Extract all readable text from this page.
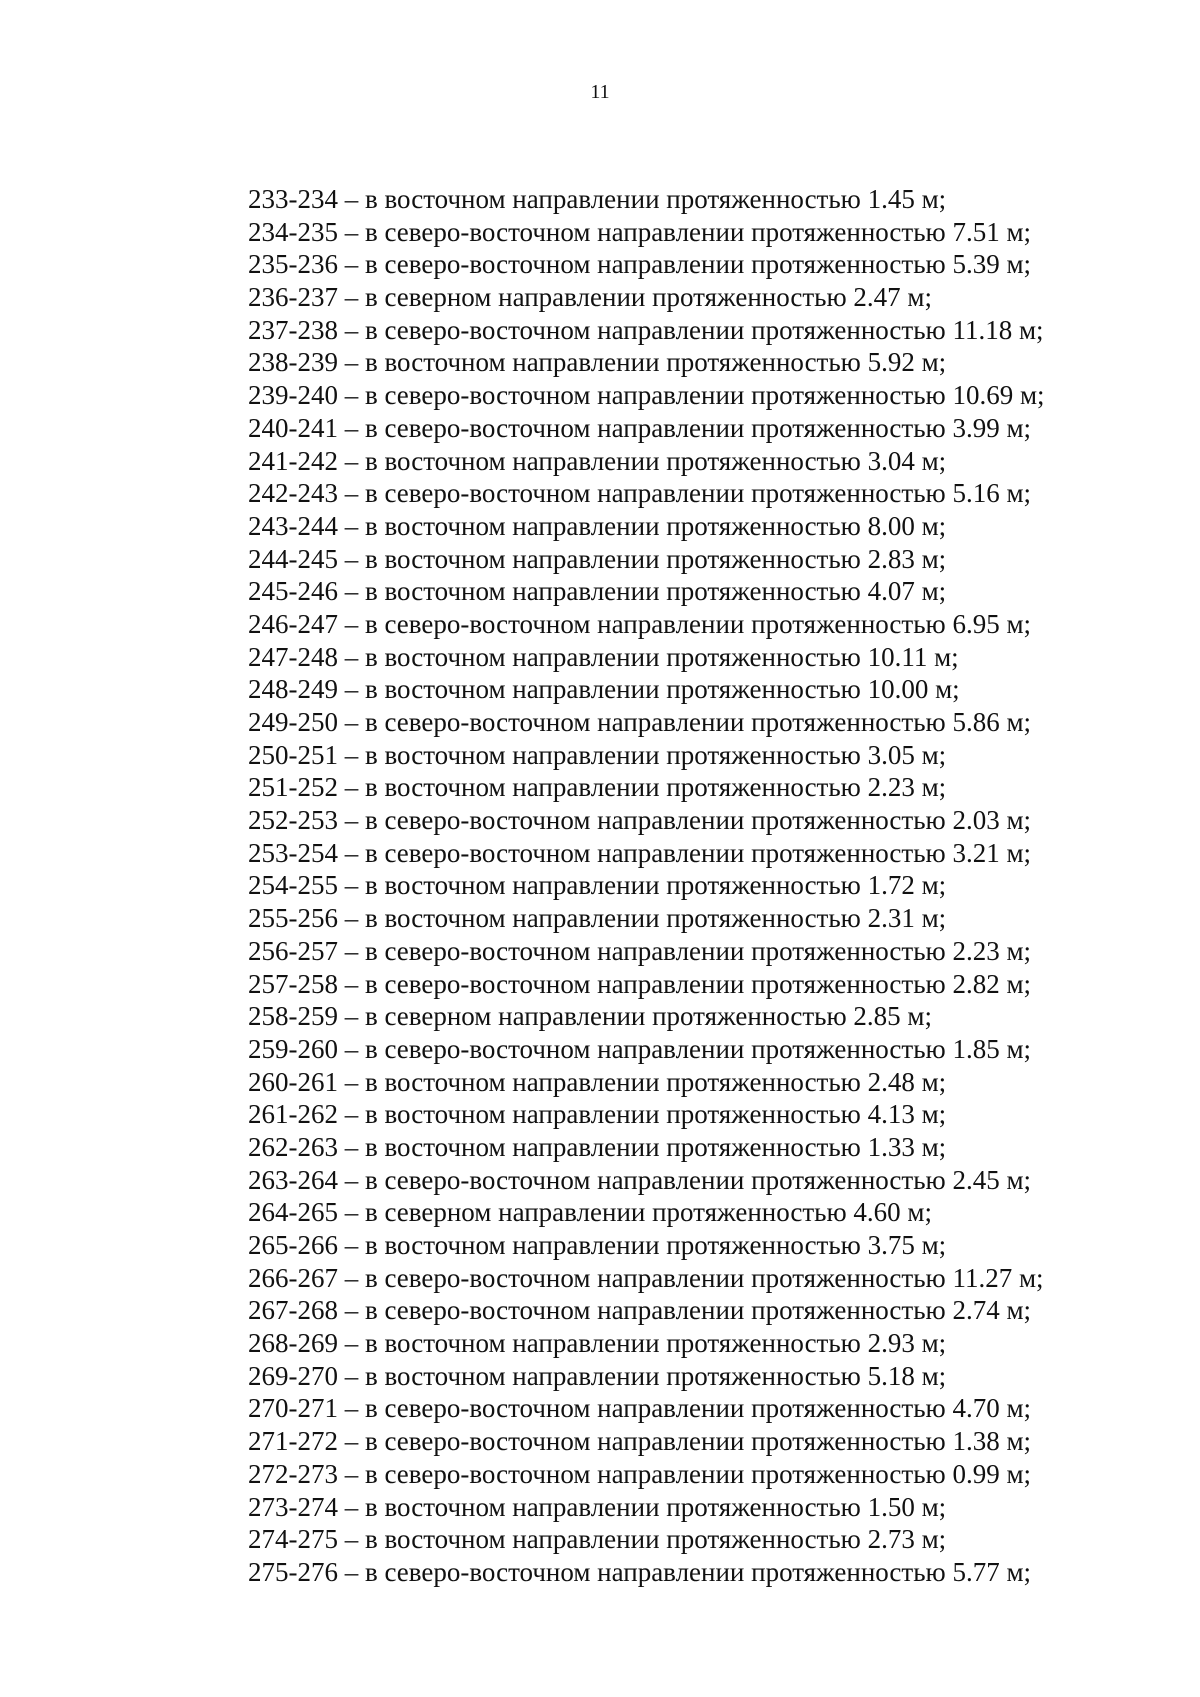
11
233-234 – в восточном направлении протяженностью 1.45 м;
234-235 – в северо-восточном направлении протяженностью 7.51 м;
235-236 – в северо-восточном направлении протяженностью 5.39 м;
236-237 – в северном направлении протяженностью 2.47 м;
237-238 – в северо-восточном направлении протяженностью 11.18 м;
238-239 – в восточном направлении протяженностью 5.92 м;
239-240 – в северо-восточном направлении протяженностью 10.69 м;
240-241 – в северо-восточном направлении протяженностью 3.99 м;
241-242 – в восточном направлении протяженностью 3.04 м;
242-243 – в северо-восточном направлении протяженностью 5.16 м;
243-244 – в восточном направлении протяженностью 8.00 м;
244-245 – в восточном направлении протяженностью 2.83 м;
245-246 – в восточном направлении протяженностью 4.07 м;
246-247 – в северо-восточном направлении протяженностью 6.95 м;
247-248 – в восточном направлении протяженностью 10.11 м;
248-249 – в восточном направлении протяженностью 10.00 м;
249-250 – в северо-восточном направлении протяженностью 5.86 м;
250-251 – в восточном направлении протяженностью 3.05 м;
251-252 – в восточном направлении протяженностью 2.23 м;
252-253 – в северо-восточном направлении протяженностью 2.03 м;
253-254 – в северо-восточном направлении протяженностью 3.21 м;
254-255 – в восточном направлении протяженностью 1.72 м;
255-256 – в восточном направлении протяженностью 2.31 м;
256-257 – в северо-восточном направлении протяженностью 2.23 м;
257-258 – в северо-восточном направлении протяженностью 2.82 м;
258-259 – в северном направлении протяженностью 2.85 м;
259-260 – в северо-восточном направлении протяженностью 1.85 м;
260-261 – в восточном направлении протяженностью 2.48 м;
261-262 – в восточном направлении протяженностью 4.13 м;
262-263 – в восточном направлении протяженностью 1.33 м;
263-264 – в северо-восточном направлении протяженностью 2.45 м;
264-265 – в северном направлении протяженностью 4.60 м;
265-266 – в восточном направлении протяженностью 3.75 м;
266-267 – в северо-восточном направлении протяженностью 11.27 м;
267-268 – в северо-восточном направлении протяженностью 2.74 м;
268-269 – в восточном направлении протяженностью 2.93 м;
269-270 – в восточном направлении протяженностью 5.18 м;
270-271 – в северо-восточном направлении протяженностью 4.70 м;
271-272 – в северо-восточном направлении протяженностью 1.38 м;
272-273 – в северо-восточном направлении протяженностью 0.99 м;
273-274 – в восточном направлении протяженностью 1.50 м;
274-275 – в восточном направлении протяженностью 2.73 м;
275-276 – в северо-восточном направлении протяженностью 5.77 м;
